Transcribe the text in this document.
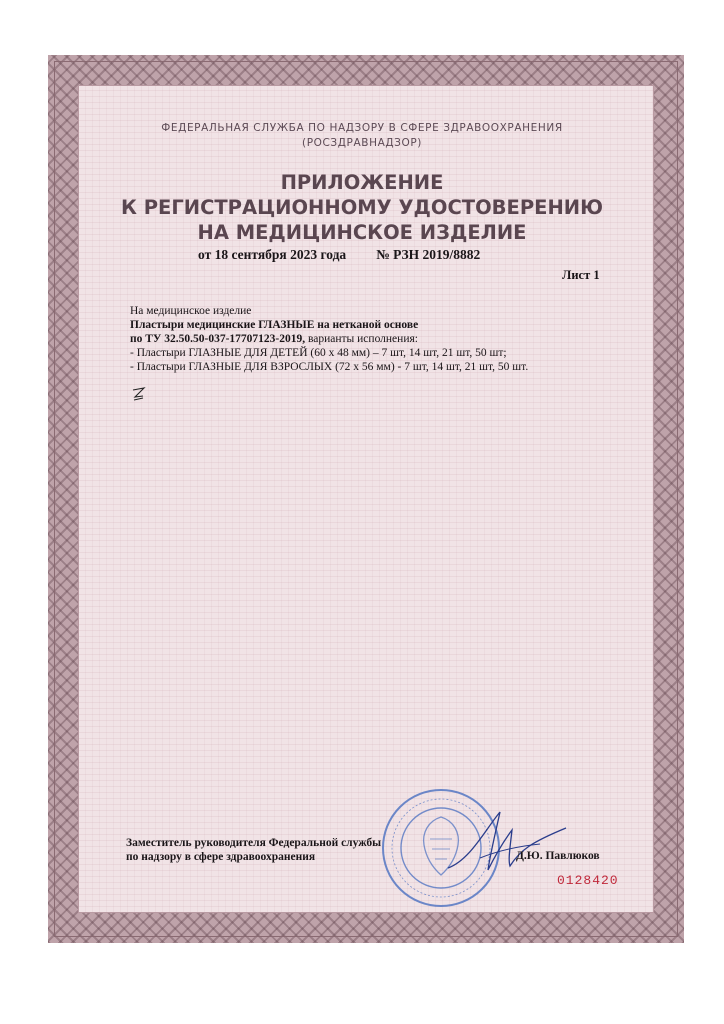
ФЕДЕРАЛЬНАЯ СЛУЖБА ПО НАДЗОРУ В СФЕРЕ ЗДРАВООХРАНЕНИЯ
(РОСЗДРАВНАДЗОР)
ПРИЛОЖЕНИЕ
К РЕГИСТРАЦИОННОМУ УДОСТОВЕРЕНИЮ
НА МЕДИЦИНСКОЕ ИЗДЕЛИЕ
от 18 сентября 2023 года № РЗН 2019/8882
Лист 1
На медицинское изделие
Пластыри медицинские ГЛАЗНЫЕ на нетканой основе
по ТУ 32.50.50-037-17707123-2019, варианты исполнения:
- Пластыри ГЛАЗНЫЕ ДЛЯ ДЕТЕЙ (60 х 48 мм) – 7 шт, 14 шт, 21 шт, 50 шт;
- Пластыри ГЛАЗНЫЕ ДЛЯ ВЗРОСЛЫХ (72 х 56 мм) - 7 шт, 14 шт, 21 шт, 50 шт.
Заместитель руководителя Федеральной службы
по надзору в сфере здравоохранения	Д.Ю. Павлюков
0128420
